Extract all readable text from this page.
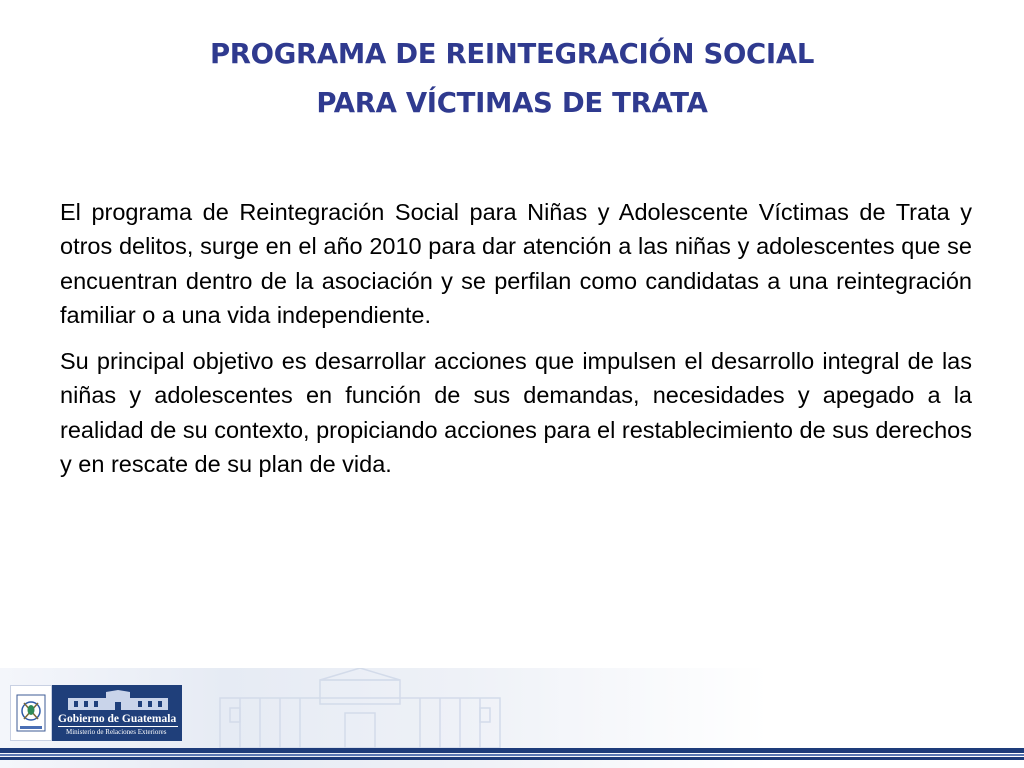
PROGRAMA DE REINTEGRACIÓN SOCIAL
PARA VÍCTIMAS DE TRATA

El programa de Reintegración Social para Niñas y Adolescente Víctimas de Trata y otros delitos, surge en el año 2010 para dar atención a las niñas y adolescentes que se encuentran dentro de la asociación y se perfilan como candidatas a una reintegración familiar o a una vida independiente.

Su principal objetivo es desarrollar acciones que impulsen el desarrollo integral de las niñas y adolescentes en función de sus demandas, necesidades y apegado a la realidad de su contexto, propiciando acciones para el restablecimiento de sus derechos y en rescate de su plan de vida.

Gobierno de Guatemala
Ministerio de Relaciones Exteriores
